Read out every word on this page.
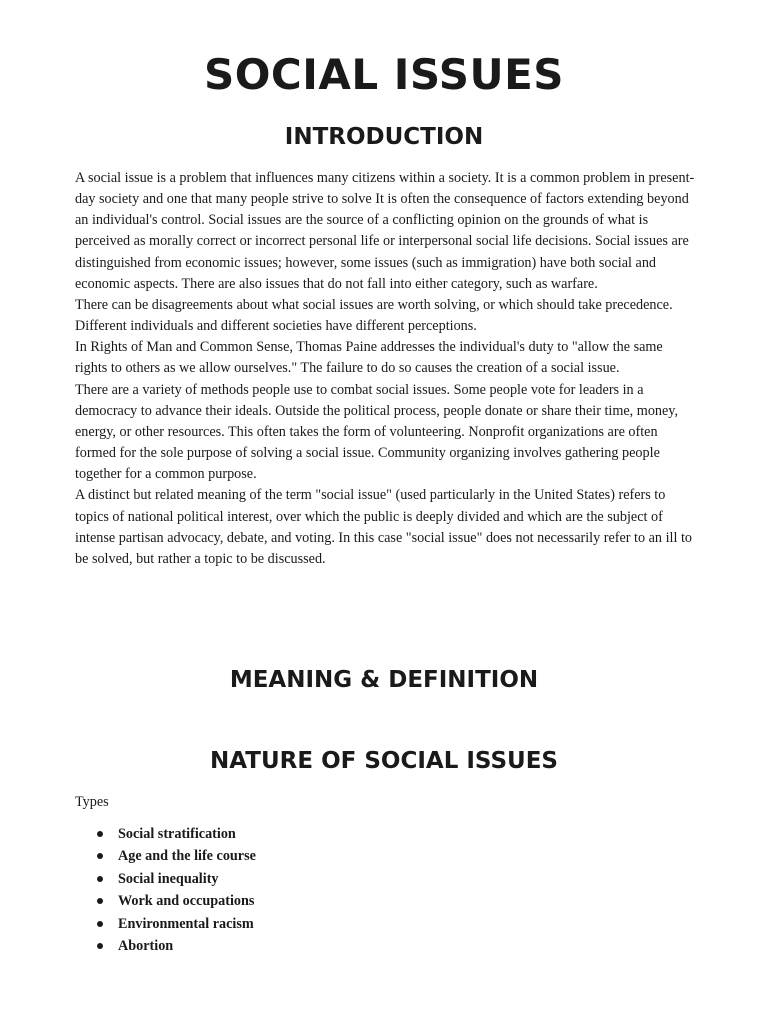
SOCIAL ISSUES
INTRODUCTION

A social issue is a problem that influences many citizens within a society. It is a common problem in present-day society and one that many people strive to solve It is often the consequence of factors extending beyond an individual's control. Social issues are the source of a conflicting opinion on the grounds of what is perceived as morally correct or incorrect personal life or interpersonal social life decisions. Social issues are distinguished from economic issues; however, some issues (such as immigration) have both social and economic aspects. There are also issues that do not fall into either category, such as warfare.

There can be disagreements about what social issues are worth solving, or which should take precedence. Different individuals and different societies have different perceptions.

In Rights of Man and Common Sense, Thomas Paine addresses the individual's duty to "allow the same rights to others as we allow ourselves." The failure to do so causes the creation of a social issue.

There are a variety of methods people use to combat social issues. Some people vote for leaders in a democracy to advance their ideals. Outside the political process, people donate or share their time, money, energy, or other resources. This often takes the form of volunteering. Nonprofit organizations are often formed for the sole purpose of solving a social issue. Community organizing involves gathering people together for a common purpose.

A distinct but related meaning of the term "social issue" (used particularly in the United States) refers to topics of national political interest, over which the public is deeply divided and which are the subject of intense partisan advocacy, debate, and voting. In this case "social issue" does not necessarily refer to an ill to be solved, but rather a topic to be discussed.

MEANING & DEFINITION
NATURE OF SOCIAL ISSUES
Types
Social stratification
Age and the life course
Social inequality
Work and occupations
Environmental racism
Abortion
